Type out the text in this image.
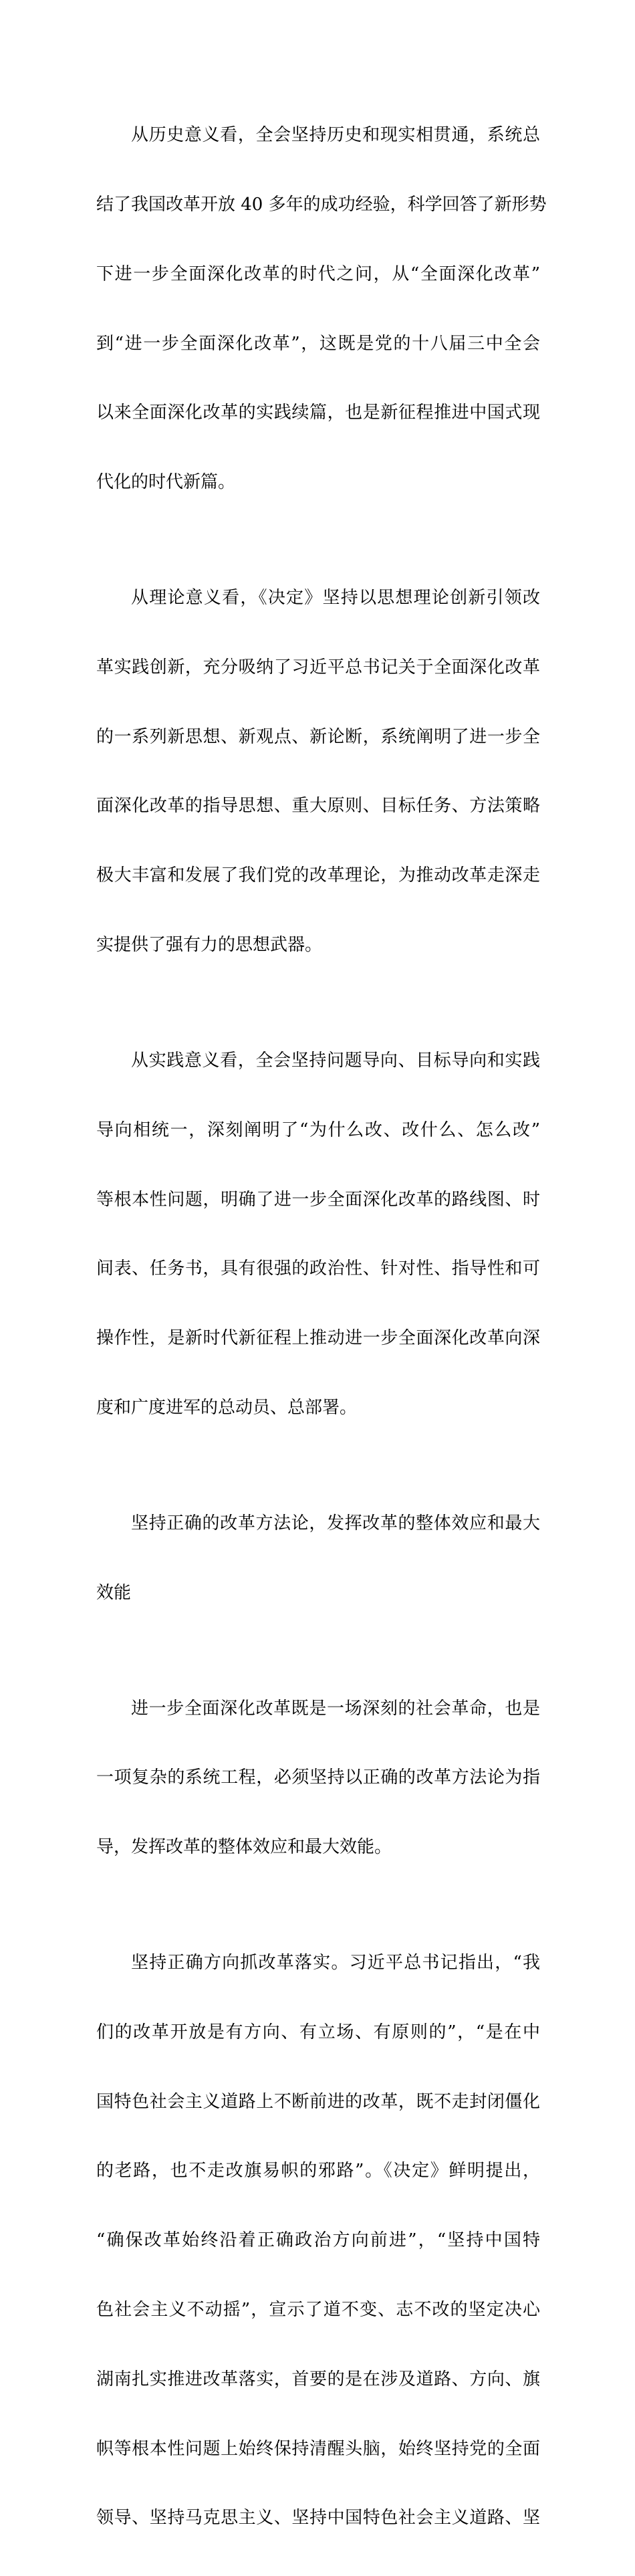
从历史意义看，全会坚持历史和现实相贯通，系统总

结了我国改革开放 40 多年的成功经验，科学回答了新形势

下进一步全面深化改革的时代之问，从“全面深化改革”

到“进一步全面深化改革”，这既是党的十八届三中全会

以来全面深化改革的实践续篇，也是新征程推进中国式现

代化的时代新篇。

从理论意义看，《决定》坚持以思想理论创新引领改

革实践创新，充分吸纳了习近平总书记关于全面深化改革

的一系列新思想、新观点、新论断，系统阐明了进一步全

面深化改革的指导思想、重大原则、目标任务、方法策略

极大丰富和发展了我们党的改革理论，为推动改革走深走

实提供了强有力的思想武器。

从实践意义看，全会坚持问题导向、目标导向和实践

导向相统一，深刻阐明了“为什么改、改什么、怎么改”

等根本性问题，明确了进一步全面深化改革的路线图、时

间表、任务书，具有很强的政治性、针对性、指导性和可

操作性，是新时代新征程上推动进一步全面深化改革向深

度和广度进军的总动员、总部署。

坚持正确的改革方法论，发挥改革的整体效应和最大

效能

进一步全面深化改革既是一场深刻的社会革命，也是

一项复杂的系统工程，必须坚持以正确的改革方法论为指

导，发挥改革的整体效应和最大效能。

坚持正确方向抓改革落实。习近平总书记指出，“我

们的改革开放是有方向、有立场、有原则的”，“是在中

国特色社会主义道路上不断前进的改革，既不走封闭僵化

的老路，也不走改旗易帜的邪路”。《决定》鲜明提出，

“确保改革始终沿着正确政治方向前进”，“坚持中国特

色社会主义不动摇”，宣示了道不变、志不改的坚定决心

湖南扎实推进改革落实，首要的是在涉及道路、方向、旗

帜等根本性问题上始终保持清醒头脑，始终坚持党的全面

领导、坚持马克思主义、坚持中国特色社会主义道路、坚
